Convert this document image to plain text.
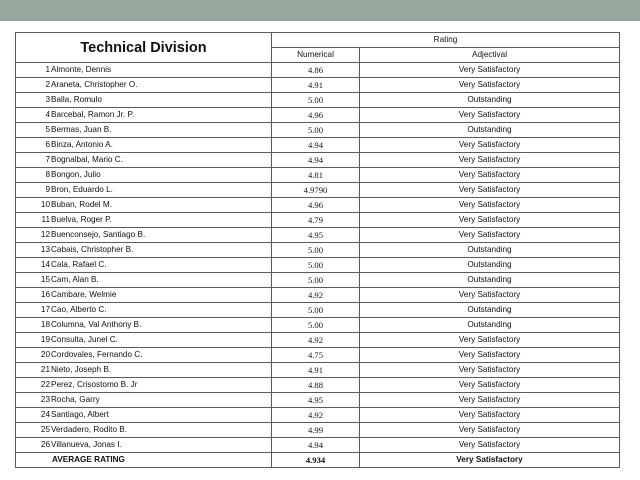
Technical Division	Rating	
	Numerical	Adjectival
1Almonte, Dennis	4.86	Very Satisfactory
2Araneta, Christopher O.	4.91	Very Satisfactory
3Balla, Romulo	5.00	Outstanding
4Barcebal, Ramon Jr. P.	4.96	Very Satisfactory
5Bermas, Juan B.	5.00	Outstanding
6Binza, Antonio A.	4.94	Very Satisfactory
7Bognalbal, Mario C.	4.94	Very Satisfactory
8Bongon, Julio	4.81	Very Satisfactory
9Bron, Eduardo L.	4.9790	Very Satisfactory
10Buban, Rodel M.	4.96	Very Satisfactory
11Buelva, Roger P.	4.79	Very Satisfactory
12Buenconsejo, Santiago B.	4.95	Very Satisfactory
13Cabais, Christopher B.	5.00	Outstanding
14Cala, Rafael C.	5.00	Outstanding
15Cam, Alan B.	5.00	Outstanding
16Cambare, Welmie	4.92	Very Satisfactory
17Cao, Alberto C.	5.00	Outstanding
18Columna, Val Anthony B.	5.00	Outstanding
19Consulta, Junel C.	4.92	Very Satisfactory
20Cordovales, Fernando C.	4.75	Very Satisfactory
21Nieto, Joseph B.	4.91	Very Satisfactory
22Perez, Crisostomo B. Jr	4.88	Very Satisfactory
23Rocha, Garry	4.95	Very Satisfactory
24Santiago, Albert	4.92	Very Satisfactory
25Verdadero, Rodito B.	4.99	Very Satisfactory
26Villanueva, Jonas I.	4.94	Very Satisfactory
AVERAGE RATING	4.934	Very Satisfactory
